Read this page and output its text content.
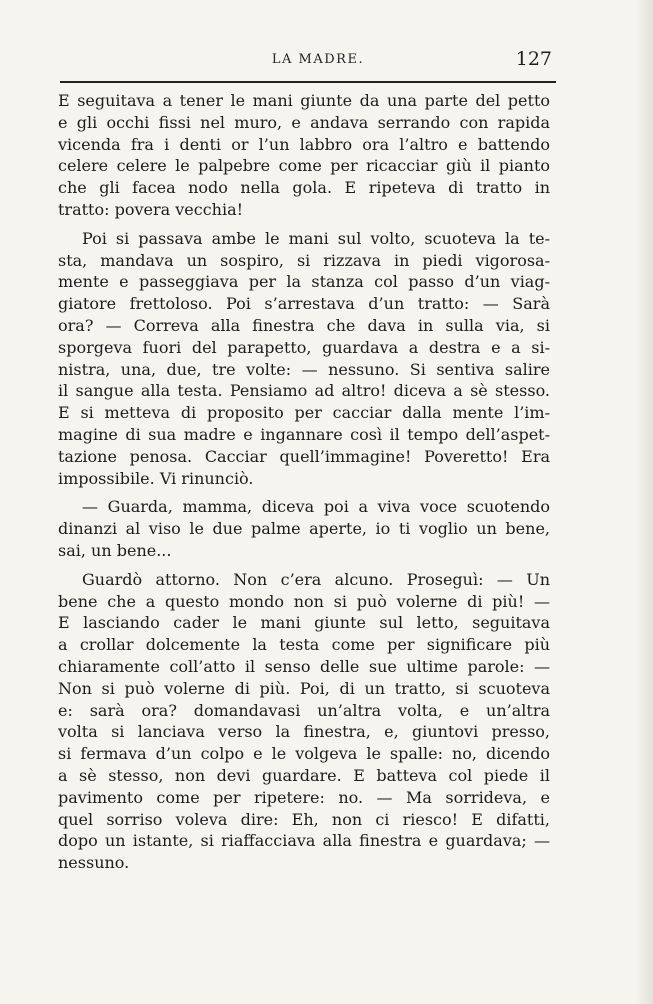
LA MADRE.	127
E seguitava a tener le mani giunte da una parte del petto
e gli occhi fissi nel muro, e andava serrando con rapida
vicenda fra i denti or l’un labbro ora l’altro e battendo
celere celere le palpebre come per ricacciar giù il pianto
che gli facea nodo nella gola. E ripeteva di tratto in
tratto: povera vecchia!
Poi si passava ambe le mani sul volto, scuoteva la te-
sta, mandava un sospiro, si rizzava in piedi vigorosa-
mente e passeggiava per la stanza col passo d’un viag-
giatore frettoloso. Poi s’arrestava d’un tratto: — Sarà
ora? — Correva alla finestra che dava in sulla via, si
sporgeva fuori del parapetto, guardava a destra e a si-
nistra, una, due, tre volte: — nessuno. Si sentiva salire
il sangue alla testa. Pensiamo ad altro! diceva a sè stesso.
E si metteva di proposito per cacciar dalla mente l’im-
magine di sua madre e ingannare così il tempo dell’aspet-
tazione penosa. Cacciar quell’immagine! Poveretto! Era
impossibile. Vi rinunciò.
— Guarda, mamma, diceva poi a viva voce scuotendo
dinanzi al viso le due palme aperte, io ti voglio un bene,
sai, un bene...
Guardò attorno. Non c’era alcuno. Proseguì: — Un
bene che a questo mondo non si può volerne di più! —
E lasciando cader le mani giunte sul letto, seguitava
a crollar dolcemente la testa come per significare più
chiaramente coll’atto il senso delle sue ultime parole: —
Non si può volerne di più. Poi, di un tratto, si scuoteva
e: sarà ora? domandavasi un’altra volta, e un’altra
volta si lanciava verso la finestra, e, giuntovi presso,
si fermava d’un colpo e le volgeva le spalle: no, dicendo
a sè stesso, non devi guardare. E batteva col piede il
pavimento come per ripetere: no. — Ma sorrideva, e
quel sorriso voleva dire: Eh, non ci riesco! E difatti,
dopo un istante, si riaffacciava alla finestra e guardava; —
nessuno.
